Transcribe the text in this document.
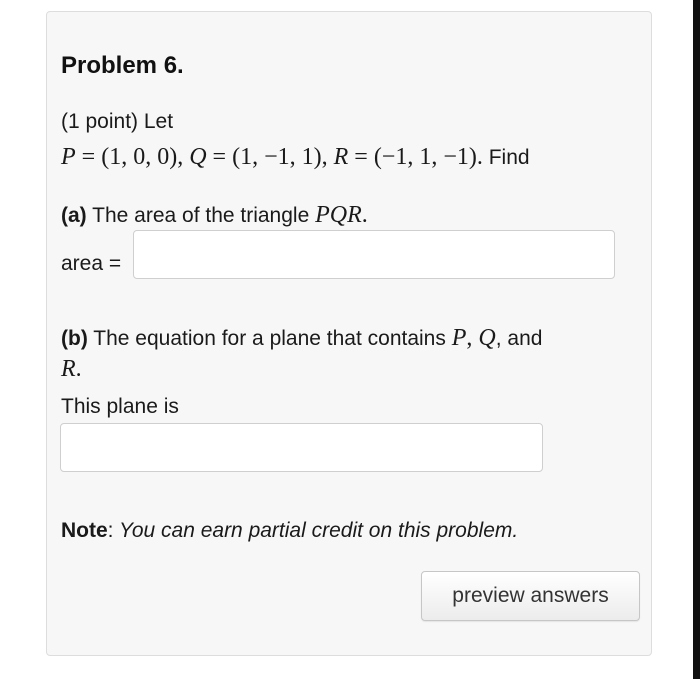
Problem 6.

(1 point) Let

P = (1, 0, 0), Q = (1, −1, 1), R = (−1, 1, −1). Find

(a) The area of the triangle PQR.

area =

(b) The equation for a plane that contains P, Q, and

R.

This plane is

Note: You can earn partial credit on this problem.

preview answers
